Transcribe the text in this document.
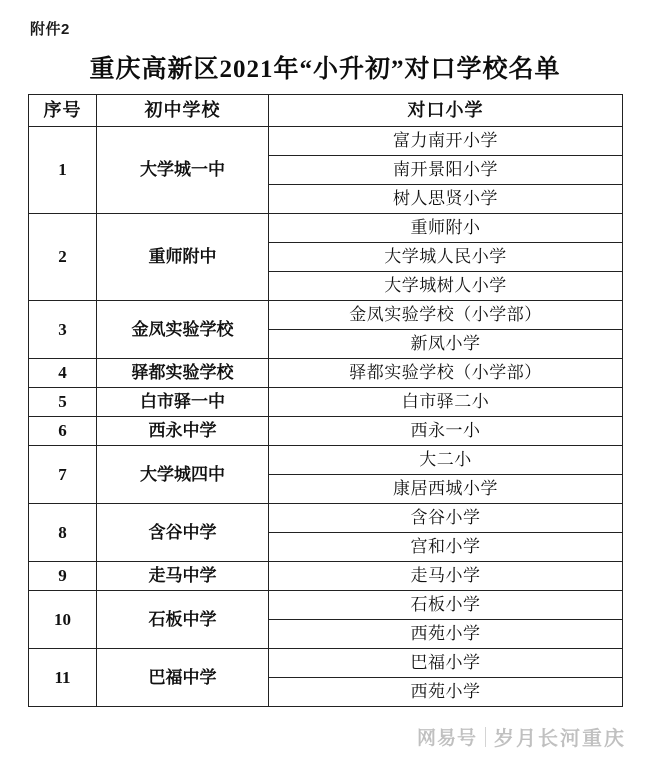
附件2
重庆高新区2021年“小升初”对口学校名单
序号	初中学校	对口小学
1	大学城一中	富力南开小学
		南开景阳小学
		树人思贤小学
2	重师附中	重师附小
		大学城人民小学
		大学城树人小学
3	金凤实验学校	金凤实验学校（小学部）
		新凤小学
4	驿都实验学校	驿都实验学校（小学部）
5	白市驿一中	白市驿二小
6	西永中学	西永一小
7	大学城四中	大二小
		康居西城小学
8	含谷中学	含谷小学
		宫和小学
9	走马中学	走马小学
10	石板中学	石板小学
		西苑小学
11	巴福中学	巴福小学
		西苑小学
网易号 岁月长河重庆
